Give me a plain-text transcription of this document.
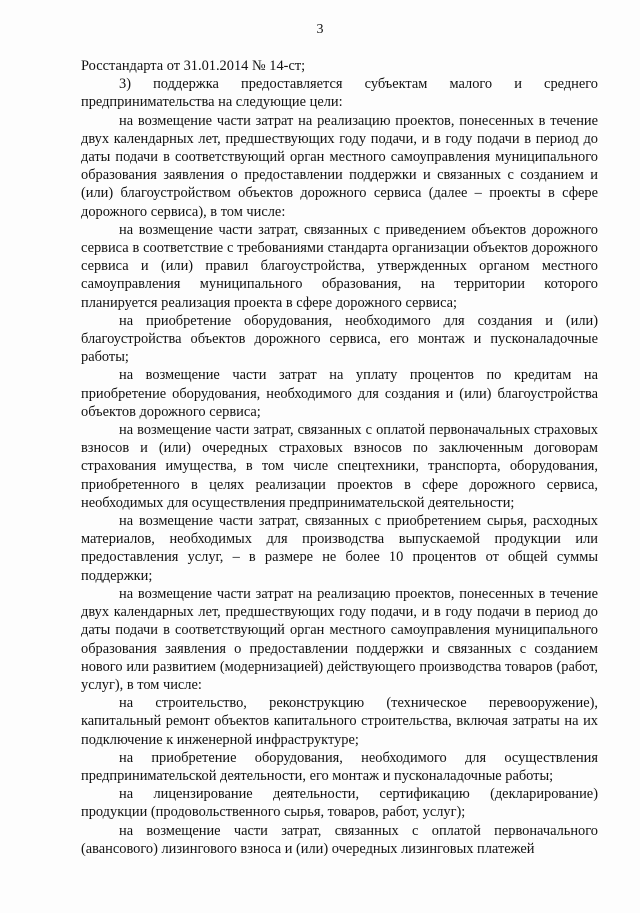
3

Росстандарта от 31.01.2014 № 14-ст;

3) поддержка предоставляется субъектам малого и среднего предпринимательства на следующие цели:

на возмещение части затрат на реализацию проектов, понесенных в течение двух календарных лет, предшествующих году подачи, и в году подачи в период до даты подачи в соответствующий орган местного самоуправления муниципального образования заявления о предоставлении поддержки и связанных с созданием и (или) благоустройством объектов дорожного сервиса (далее – проекты в сфере дорожного сервиса), в том числе:

на возмещение части затрат, связанных с приведением объектов дорожного сервиса в соответствие с требованиями стандарта организации объектов дорожного сервиса и (или) правил благоустройства, утвержденных органом местного самоуправления муниципального образования, на территории которого планируется реализация проекта в сфере дорожного сервиса;

на приобретение оборудования, необходимого для создания и (или) благоустройства объектов дорожного сервиса, его монтаж и пусконаладочные работы;

на возмещение части затрат на уплату процентов по кредитам на приобретение оборудования, необходимого для создания и (или) благоустройства объектов дорожного сервиса;

на возмещение части затрат, связанных с оплатой первоначальных страховых взносов и (или) очередных страховых взносов по заключенным договорам страхования имущества, в том числе спецтехники, транспорта, оборудования, приобретенного в целях реализации проектов в сфере дорожного сервиса, необходимых для осуществления предпринимательской деятельности;

на возмещение части затрат, связанных с приобретением сырья, расходных материалов, необходимых для производства выпускаемой продукции или предоставления услуг, – в размере не более 10 процентов от общей суммы поддержки;

на возмещение части затрат на реализацию проектов, понесенных в течение двух календарных лет, предшествующих году подачи, и в году подачи в период до даты подачи в соответствующий орган местного самоуправления муниципального образования заявления о предоставлении поддержки и связанных с созданием нового или развитием (модернизацией) действующего производства товаров (работ, услуг), в том числе:

на строительство, реконструкцию (техническое перевооружение), капитальный ремонт объектов капитального строительства, включая затраты на их подключение к инженерной инфраструктуре;

на приобретение оборудования, необходимого для осуществления предпринимательской деятельности, его монтаж и пусконаладочные работы;

на лицензирование деятельности, сертификацию (декларирование) продукции (продовольственного сырья, товаров, работ, услуг);

на возмещение части затрат, связанных с оплатой первоначального (авансового) лизингового взноса и (или) очередных лизинговых платежей
